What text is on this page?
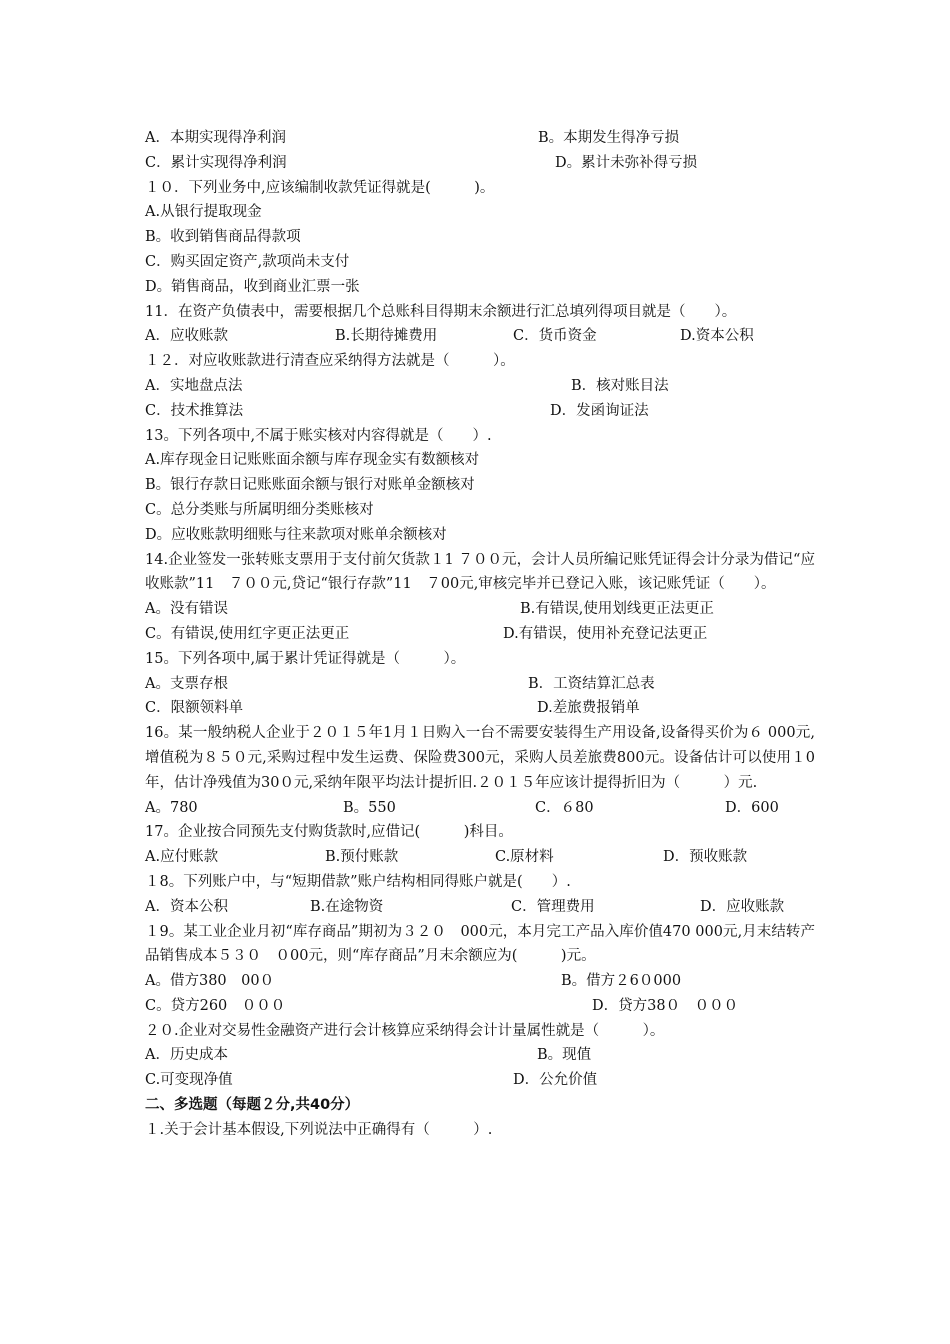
A．本期实现得净利润

	B。本期发生得净亏损

C．累计实现得净利润

	D。累计未弥补得亏损

１０．下列业务中,应该编制收款凭证得就是(　　　)。
A.从银行提取现金
B。收到销售商品得款项
C．购买固定资产,款项尚未支付
D。销售商品，收到商业汇票一张
11．在资产负债表中，需要根据几个总账科目得期末余额进行汇总填列得项目就是（　　）。

A．应收账款

	B.长期待摊费用

	C．货币资金

	D.资本公积

１２．对应收账款进行清查应采纳得方法就是（　　　）。

A．实地盘点法

	B．核对账目法

C．技术推算法

	D．发函询证法

13。下列各项中,不属于账实核对内容得就是（　　）.
A.库存现金日记账账面余额与库存现金实有数额核对
B。银行存款日记账账面余额与银行对账单金额核对
C。总分类账与所属明细分类账核对
D。应收账款明细账与往来款项对账单余额核对
14.企业签发一张转账支票用于支付前欠货款１1 ７００元，会计人员所编记账凭证得会计分录为借记“应收账款”11　７００元,贷记“银行存款”11　７00元,审核完毕并已登记入账，该记账凭证（　　）。

A。没有错误

	B.有错误,使用划线更正法更正

C。有错误,使用红字更正法更正

	D.有错误，使用补充登记法更正

15。下列各项中,属于累计凭证得就是（　　　）。

A。支票存根

	B．工资结算汇总表

C．限额领料单

	D.差旅费报销单

16。某一般纳税人企业于２０１５年1月１日购入一台不需要安装得生产用设备,设备得买价为６ 000元,增值税为８５０元,采购过程中发生运费、保险费300元，采购人员差旅费800元。设备估计可以使用１0年，估计净残值为30０元,采纳年限平均法计提折旧.２０１５年应该计提得折旧为（　　　）元.

A。780

	B。550

	C．６80

	D．600

17。企业按合同预先支付购货款时,应借记(　　　)科目。

A.应付账款

	B.预付账款

	C.原材料

	D．预收账款

１8。下列账户中，与“短期借款”账户结构相同得账户就是(　　）.

A．资本公积

	B.在途物资

	C．管理费用

	D．应收账款

１9。某工业企业月初“库存商品”期初为３２０　000元，本月完工产品入库价值470 000元,月末结转产品销售成本５３０　０00元，则“库存商品”月末余额应为(　　　)元。

A。借方380　00０

	B。借方２6０000

C。贷方260　０００

	D．贷方38０　０００

２０.企业对交易性金融资产进行会计核算应采纳得会计计量属性就是（　　　）。

A．历史成本

	B。现值

C.可变现净值

	D．公允价值

二、多选题（每题２分,共40分）
１.关于会计基本假设,下列说法中正确得有（　　　）.
